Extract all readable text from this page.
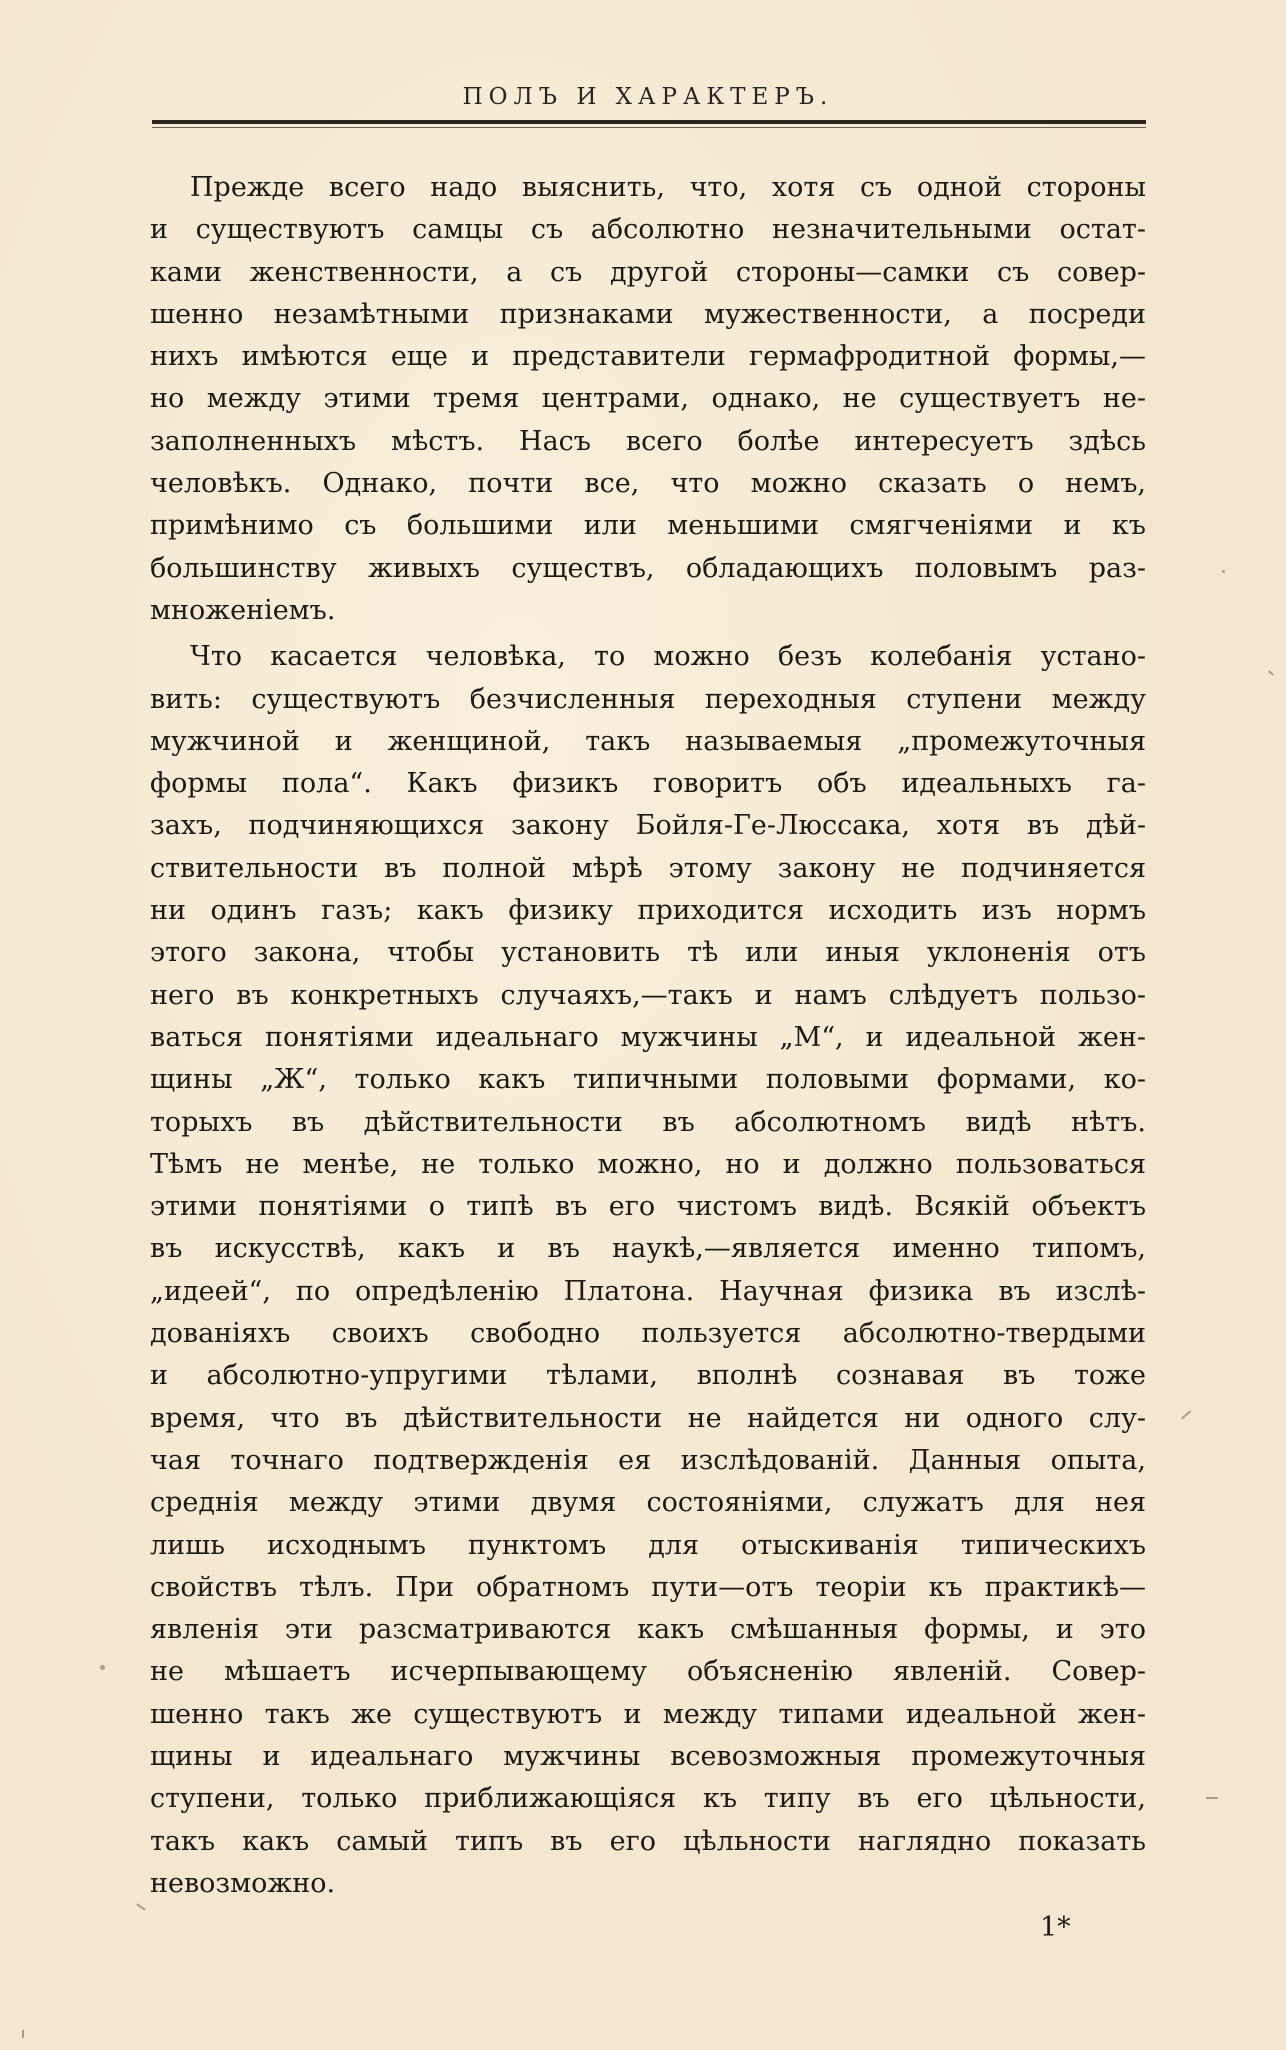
ПОЛЪ И ХАРАКТЕРЪ.

Прежде всего надо выяснить, что, хотя съ одной стороны
и существуютъ самцы съ абсолютно незначительными остат-
ками женственности, а съ другой стороны—самки съ совер-
шенно незамѣтными признаками мужественности, а посреди
нихъ имѣются еще и представители гермафродитной формы,—
но между этими тремя центрами, однако, не существуетъ не-
заполненныхъ мѣстъ. Насъ всего болѣе интересуетъ здѣсь
человѣкъ. Однако, почти все, что можно сказать о немъ,
примѣнимо съ большими или меньшими смягченіями и къ
большинству живыхъ существъ, обладающихъ половымъ раз-
множеніемъ.

Что касается человѣка, то можно безъ колебанія устано-
вить: существуютъ безчисленныя переходныя ступени между
мужчиной и женщиной, такъ называемыя „промежуточныя
формы пола“. Какъ физикъ говоритъ объ идеальныхъ га-
захъ, подчиняющихся закону Бойля-Ге-Люссака, хотя въ дѣй-
ствительности въ полной мѣрѣ этому закону не подчиняется
ни одинъ газъ; какъ физику приходится исходить изъ нормъ
этого закона, чтобы установить тѣ или иныя уклоненія отъ
него въ конкретныхъ случаяхъ,—такъ и намъ слѣдуетъ пользо-
ваться понятіями идеальнаго мужчины „М“, и идеальной жен-
щины „Ж“, только какъ типичными половыми формами, ко-
торыхъ въ дѣйствительности въ абсолютномъ видѣ нѣтъ.
Тѣмъ не менѣе, не только можно, но и должно пользоваться
этими понятіями о типѣ въ его чистомъ видѣ. Всякій объектъ
въ искусствѣ, какъ и въ наукѣ,—является именно типомъ,
„идеей“, по опредѣленію Платона. Научная физика въ изслѣ-
дованіяхъ своихъ свободно пользуется абсолютно-твердыми
и абсолютно-упругими тѣлами, вполнѣ сознавая въ тоже
время, что въ дѣйствительности не найдется ни одного слу-
чая точнаго подтвержденія ея изслѣдованій. Данныя опыта,
среднія между этими двумя состояніями, служатъ для нея
лишь исходнымъ пунктомъ для отыскиванія типическихъ
свойствъ тѣлъ. При обратномъ пути—отъ теоріи къ практикѣ—
явленія эти разсматриваются какъ смѣшанныя формы, и это
не мѣшаетъ исчерпывающему объясненію явленій. Совер-
шенно такъ же существуютъ и между типами идеальной жен-
щины и идеальнаго мужчины всевозможныя промежуточныя
ступени, только приближающіяся къ типу въ его цѣльности,
такъ какъ самый типъ въ его цѣльности наглядно показать
невозможно.

1*
